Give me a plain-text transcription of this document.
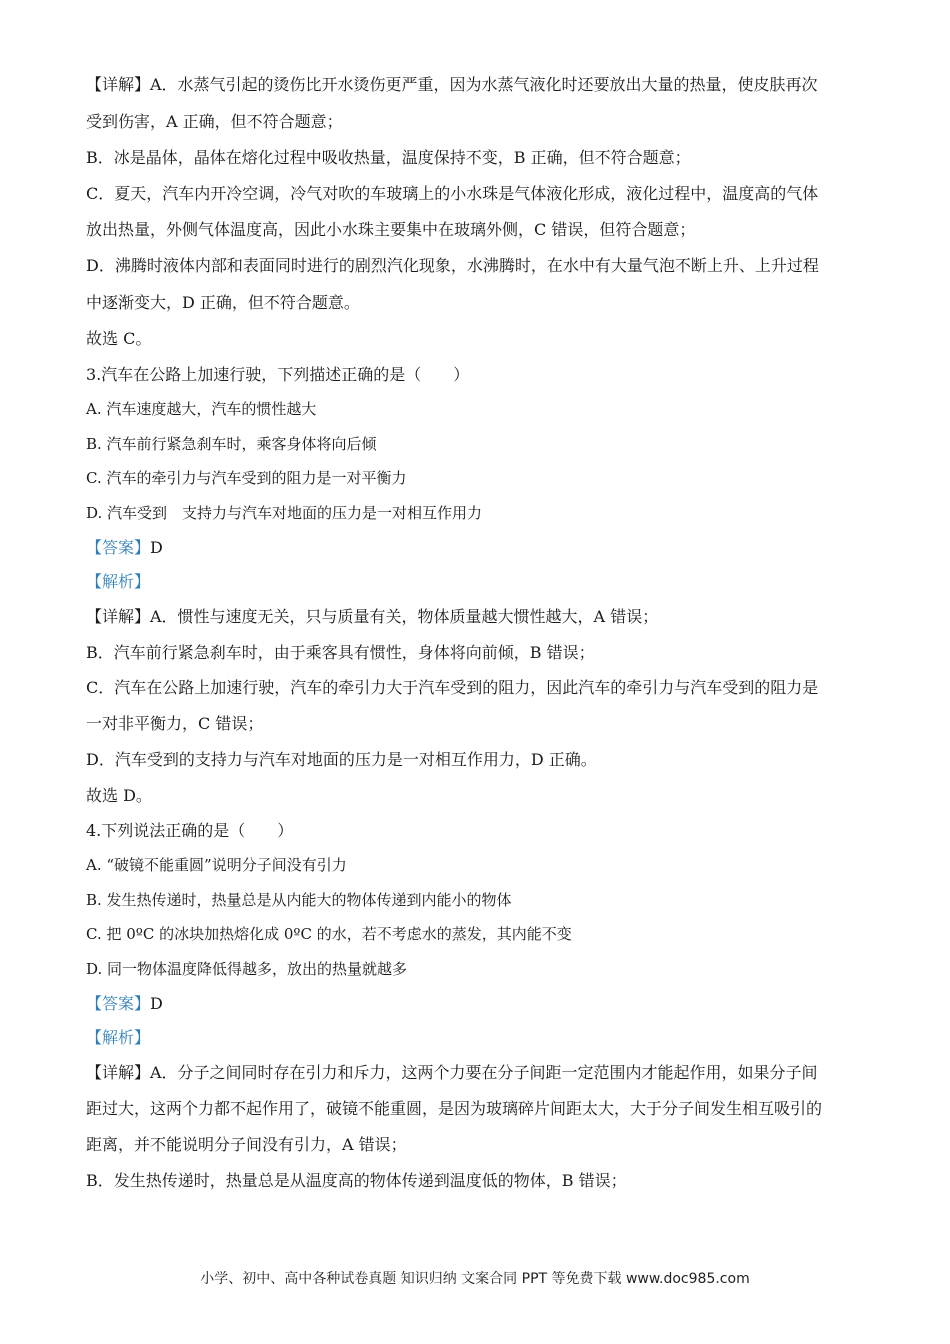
【详解】A．水蒸气引起的烫伤比开水烫伤更严重，因为水蒸气液化时还要放出大量的热量，使皮肤再次
受到伤害，A 正确，但不符合题意；
B．冰是晶体，晶体在熔化过程中吸收热量，温度保持不变，B 正确，但不符合题意；
C．夏天，汽车内开冷空调，冷气对吹的车玻璃上的小水珠是气体液化形成，液化过程中，温度高的气体
放出热量，外侧气体温度高，因此小水珠主要集中在玻璃外侧，C 错误，但符合题意；
D．沸腾时液体内部和表面同时进行的剧烈汽化现象，水沸腾时，在水中有大量气泡不断上升、上升过程
中逐渐变大，D 正确，但不符合题意。
故选 C。
3.汽车在公路上加速行驶，下列描述正确的是（　　）
A. 汽车速度越大，汽车的惯性越大
B. 汽车前行紧急刹车时，乘客身体将向后倾
C. 汽车的牵引力与汽车受到的阻力是一对平衡力
D. 汽车受到　支持力与汽车对地面的压力是一对相互作用力
【答案】D
【解析】
【详解】A．惯性与速度无关，只与质量有关，物体质量越大惯性越大，A 错误；
B．汽车前行紧急刹车时，由于乘客具有惯性，身体将向前倾，B 错误；
C．汽车在公路上加速行驶，汽车的牵引力大于汽车受到的阻力，因此汽车的牵引力与汽车受到的阻力是
一对非平衡力，C 错误；
D．汽车受到的支持力与汽车对地面的压力是一对相互作用力，D 正确。
故选 D。
4.下列说法正确的是（　　）
A. “破镜不能重圆”说明分子间没有引力
B. 发生热传递时，热量总是从内能大的物体传递到内能小的物体
C. 把 0ºC 的冰块加热熔化成 0ºC 的水，若不考虑水的蒸发，其内能不变
D. 同一物体温度降低得越多，放出的热量就越多
【答案】D
【解析】
【详解】A．分子之间同时存在引力和斥力，这两个力要在分子间距一定范围内才能起作用，如果分子间
距过大，这两个力都不起作用了，破镜不能重圆，是因为玻璃碎片间距太大，大于分子间发生相互吸引的
距离，并不能说明分子间没有引力，A 错误；
B．发生热传递时，热量总是从温度高的物体传递到温度低的物体，B 错误；
小学、初中、高中各种试卷真题 知识归纳 文案合同 PPT 等免费下载 www.doc985.com
